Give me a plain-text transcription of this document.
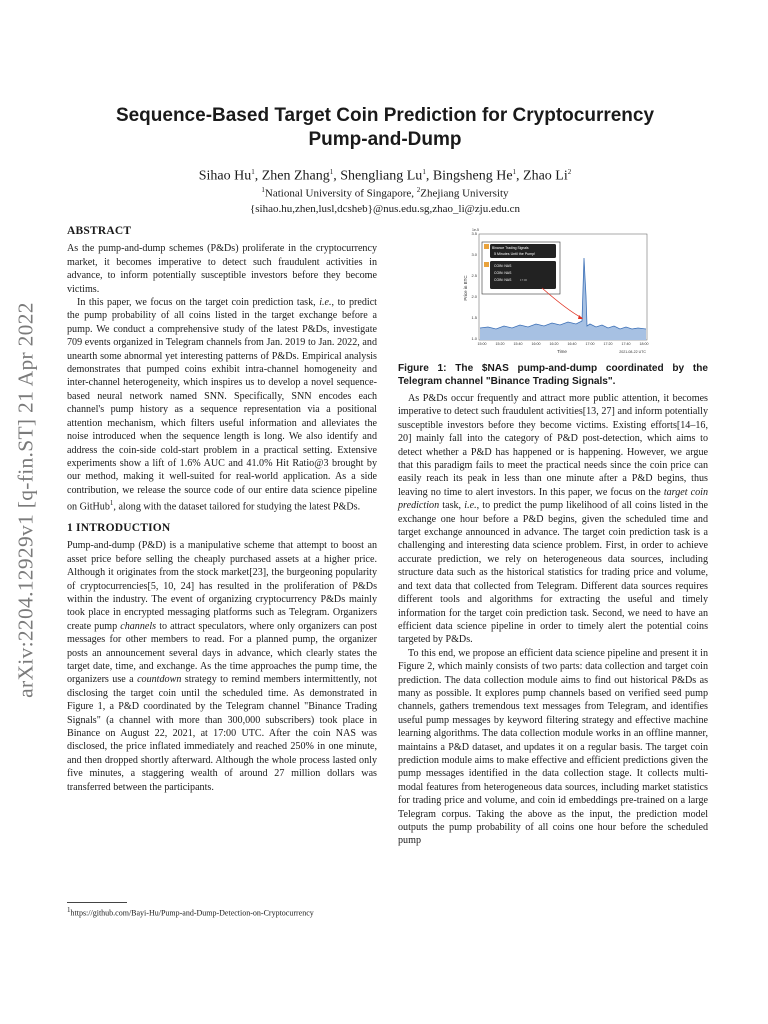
arXiv:2204.12929v1 [q-fin.ST] 21 Apr 2022
Sequence-Based Target Coin Prediction for Cryptocurrency
Pump-and-Dump
Sihao Hu$^1$, Zhen Zhang$^1$, Shengliang Lu$^1$, Bingsheng He$^1$, Zhao Li$^2$
$^1$National University of Singapore, $^2$Zhejiang University
{sihao.hu,zhen,lusl,dcsheb}@nus.edu.sg,zhao_li@zju.edu.cn
ABSTRACT

As the pump-and-dump schemes (P&Ds) proliferate in the cryptocurrency market, it becomes imperative to detect such fraudulent activities in advance, to inform potentially susceptible investors before they become victims.

In this paper, we focus on the target coin prediction task, i.e., to predict the pump probability of all coins listed in the target exchange before a pump. We conduct a comprehensive study of the latest P&Ds, investigate 709 events organized in Telegram channels from Jan. 2019 to Jan. 2022, and unearth some abnormal yet interesting patterns of P&Ds. Empirical analysis demonstrates that pumped coins exhibit intra-channel homogeneity and inter-channel heterogeneity, which inspires us to develop a novel sequence-based neural network named SNN. Specifically, SNN encodes each channel's pump history as a sequence representation via a positional attention mechanism, which filters useful information and alleviates the noise introduced when the sequence length is long. We also identify and address the coin-side cold-start problem in a practical setting. Extensive experiments show a lift of 1.6% AUC and 41.0% Hit Ratio@3 brought by our method, making it well-suited for real-world application. As a side contribution, we release the source code of our entire data science pipeline on GitHub$^1$, along with the dataset tailored for studying the latest P&Ds.

1 INTRODUCTION

Pump-and-dump (P&D) is a manipulative scheme that attempt to boost an asset price before selling the cheaply purchased assets at a higher price. Although it originates from the stock market[23], the burgeoning popularity of cryptocurrencies[5, 10, 24] has resulted in the proliferation of P&Ds within the industry. The event of organizing cryptocurrency P&Ds mainly took place in encrypted messaging platforms such as Telegram. Organizers create pump channels to attract speculators, where only organizers can post messages for other members to read. For a planned pump, the organizer posts an announcement several days in advance, which clearly states the target date, time, and exchange. As the time approaches the pump time, the organizers use a countdown strategy to remind members intermittently, not disclosing the target coin until the scheduled time. As demonstrated in Figure 1, a P&D coordinated by the Telegram channel "Binance Trading Signals" (a channel with more than 300,000 subscribers) took place in Binance on August 22, 2021, at 17:00 UTC. After the coin NAS was disclosed, the price inflated immediately and reached 250% in one minute, and then dropped shortly afterward. Although the whole process lasted only five minutes, a staggering wealth of around 27 million dollars was transferred between the participants.

$^1$https://github.com/Bayi-Hu/Pump-and-Dump-Detection-on-Cryptocurrency
1e-5
1.0
1.5
2.0
2.5
3.0
3.5
Price in BTC
15:00	15:20	15:40	16:00	16:20	16:40	17:00	17:20	17:40	18:00
Time	2021-08-22 UTC
Binance Trading Signals
5 Minutes Until the Pump!
COIN: NAS
COIN: NAS
COIN: NAS	17:00
Figure 1: The $NAS pump-and-dump coordinated by the Telegram channel "Binance Trading Signals".

As P&Ds occur frequently and attract more public attention, it becomes imperative to detect such fraudulent activities[13, 27] and inform potentially susceptible investors before they become victims. Existing efforts[14–16, 20] mainly fall into the category of P&D post-detection, which aims to detect whether a P&D has happened or is happening. However, we argue that this paradigm fails to meet the practical needs since the coin price can easily reach its peak in less than one minute after a P&D begins, thus leaving no time to alert investors. In this paper, we focus on the target coin prediction task, i.e., to predict the pump likelihood of all coins listed in the exchange one hour before a P&D begins, given the scheduled time and target exchange announced in advance. The target coin prediction task is a challenging and interesting data science problem. First, in order to achieve accurate prediction, we rely on heterogeneous data sources, including structure data such as the historical statistics for trading price and volume, and text data that collected from Telegram. Different data sources requires different tools and algorithms for extracting the useful and timely information for the target coin prediction task. Second, we need to have an efficient data science pipeline in order to timely alert the potential coins targeted by P&Ds.

To this end, we propose an efficient data science pipeline and present it in Figure 2, which mainly consists of two parts: data collection and target coin prediction. The data collection module aims to find out historical P&Ds as many as possible. It explores pump channels based on verified seed pump channels, gathers tremendous text messages from Telegram, and identifies useful pump messages by keyword filtering strategy and effective machine learning algorithms. The data collection module works in an offline manner, maintains a P&D dataset, and updates it on a regular basis. The target coin prediction module aims to make effective and efficient predictions given the pump messages identified in the data collection stage. It collects multi-modal features from heterogeneous data sources, including market statistics for trading price and volume, and coin id embeddings pre-trained on a large Telegram corpus. Taking the above as the input, the prediction model outputs the pump probability of all coins one hour before the scheduled pump
